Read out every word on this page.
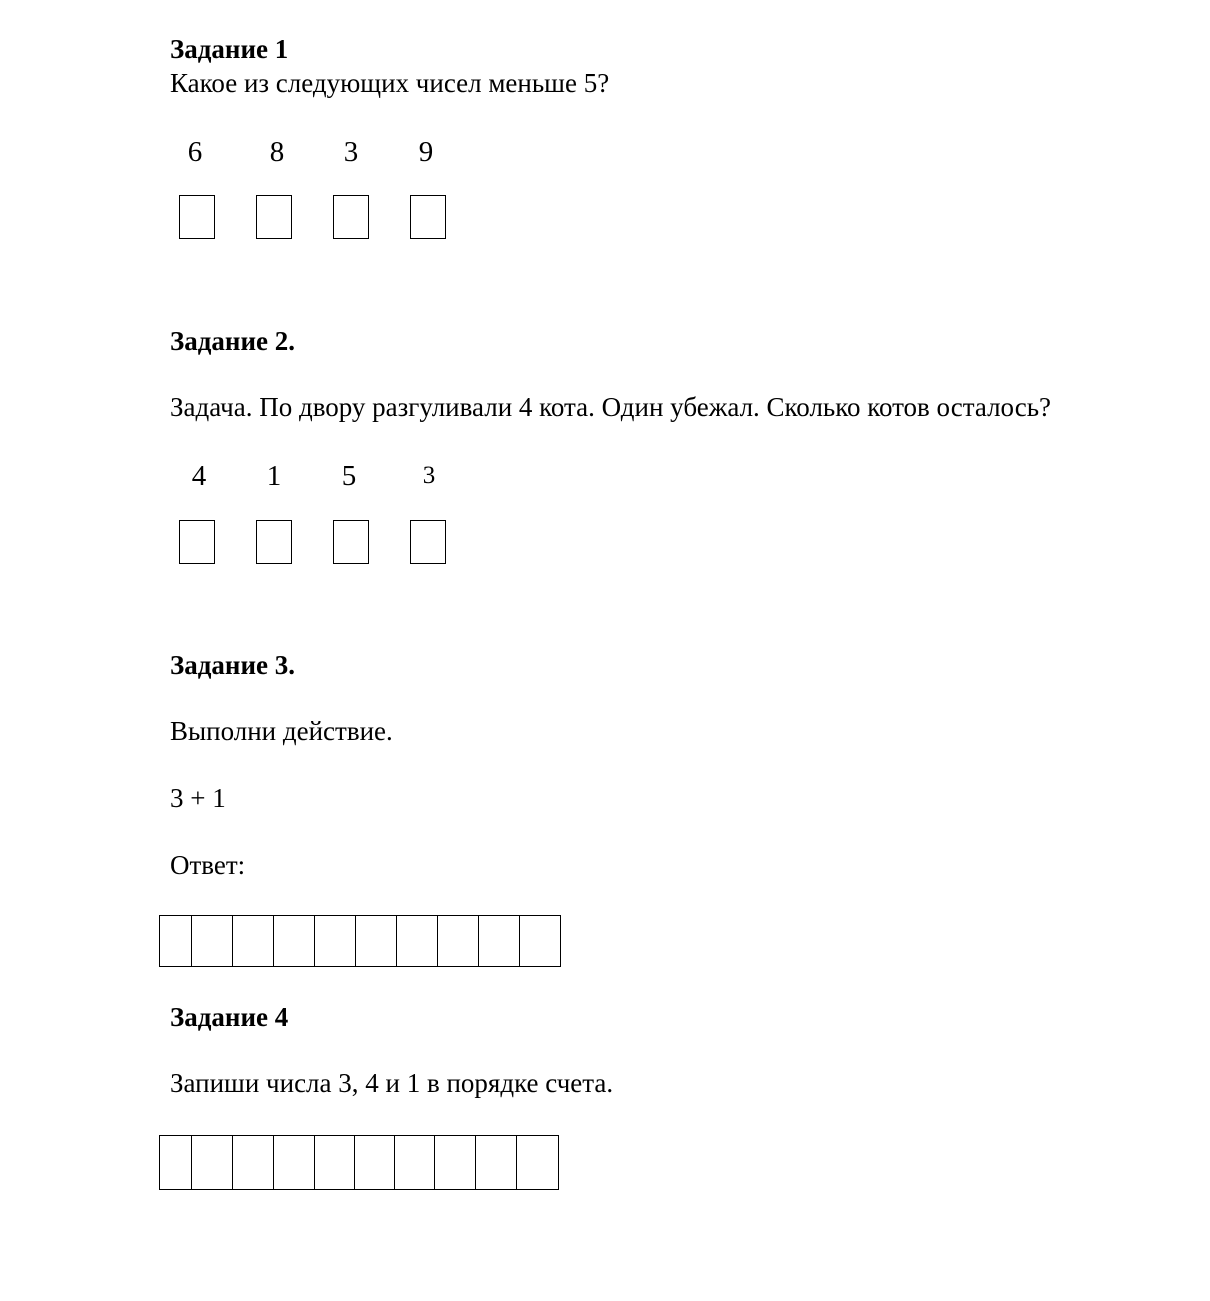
Задание 1
Какое из следующих чисел меньше 5?
6	8	3	9
Задание 2.
Задача. По двору разгуливали 4 кота. Один убежал. Сколько котов осталось?
4	1	5	3
Задание 3.
Выполни действие.
3 + 1
Ответ:
Задание 4
Запиши числа 3, 4 и 1 в порядке счета.
